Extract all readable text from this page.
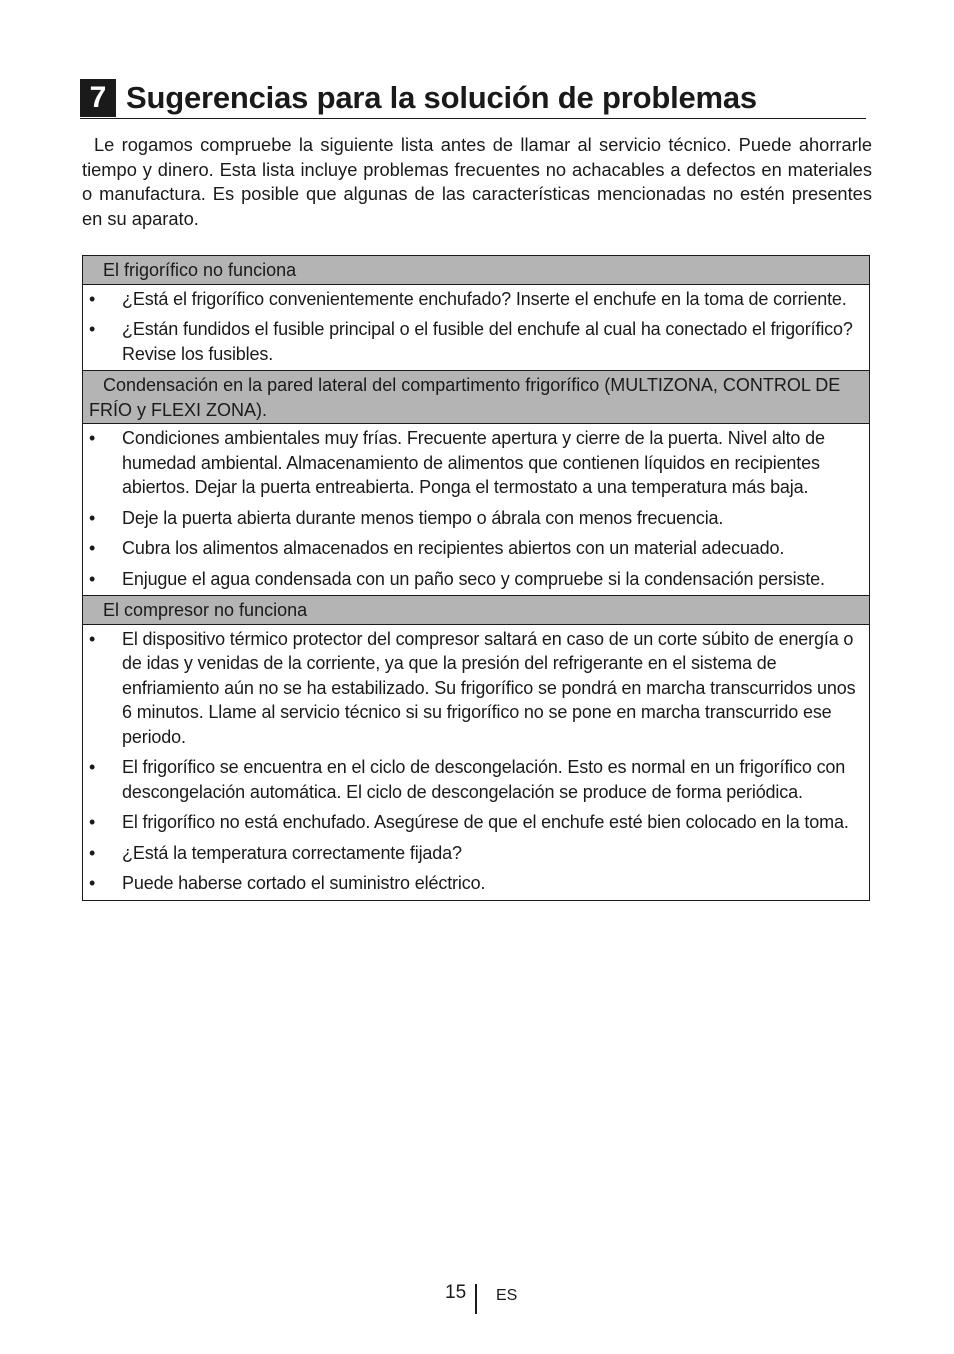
7 Sugerencias para la solución de problemas

Le rogamos compruebe la siguiente lista antes de llamar al servicio técnico. Puede ahorrarle tiempo y dinero. Esta lista incluye problemas frecuentes no achacables a defectos en materiales o manufactura. Es posible que algunas de las características mencionadas no estén presentes en su aparato.

El frigorífico no funciona
• ¿Está el frigorífico convenientemente enchufado? Inserte el enchufe en la toma de corriente.
• ¿Están fundidos el fusible principal o el fusible del enchufe al cual ha conectado el frigorífico? Revise los fusibles.
Condensación en la pared lateral del compartimento frigorífico (MULTIZONA, CONTROL DE FRÍO y FLEXI ZONA).
• Condiciones ambientales muy frías. Frecuente apertura y cierre de la puerta. Nivel alto de humedad ambiental. Almacenamiento de alimentos que contienen líquidos en recipientes abiertos. Dejar la puerta entreabierta. Ponga el termostato a una temperatura más baja.
• Deje la puerta abierta durante menos tiempo o ábrala con menos frecuencia.
• Cubra los alimentos almacenados en recipientes abiertos con un material adecuado.
• Enjugue el agua condensada con un paño seco y compruebe si la condensación persiste.
El compresor no funciona
• El dispositivo térmico protector del compresor saltará en caso de un corte súbito de energía o de idas y venidas de la corriente, ya que la presión del refrigerante en el sistema de enfriamiento aún no se ha estabilizado. Su frigorífico se pondrá en marcha transcurridos unos 6 minutos. Llame al servicio técnico si su frigorífico no se pone en marcha transcurrido ese periodo.
• El frigorífico se encuentra en el ciclo de descongelación. Esto es normal en un frigorífico con descongelación automática. El ciclo de descongelación se produce de forma periódica.
• El frigorífico no está enchufado. Asegúrese de que el enchufe esté bien colocado en la toma.
• ¿Está la temperatura correctamente fijada?
• Puede haberse cortado el suministro eléctrico.
15 ES
